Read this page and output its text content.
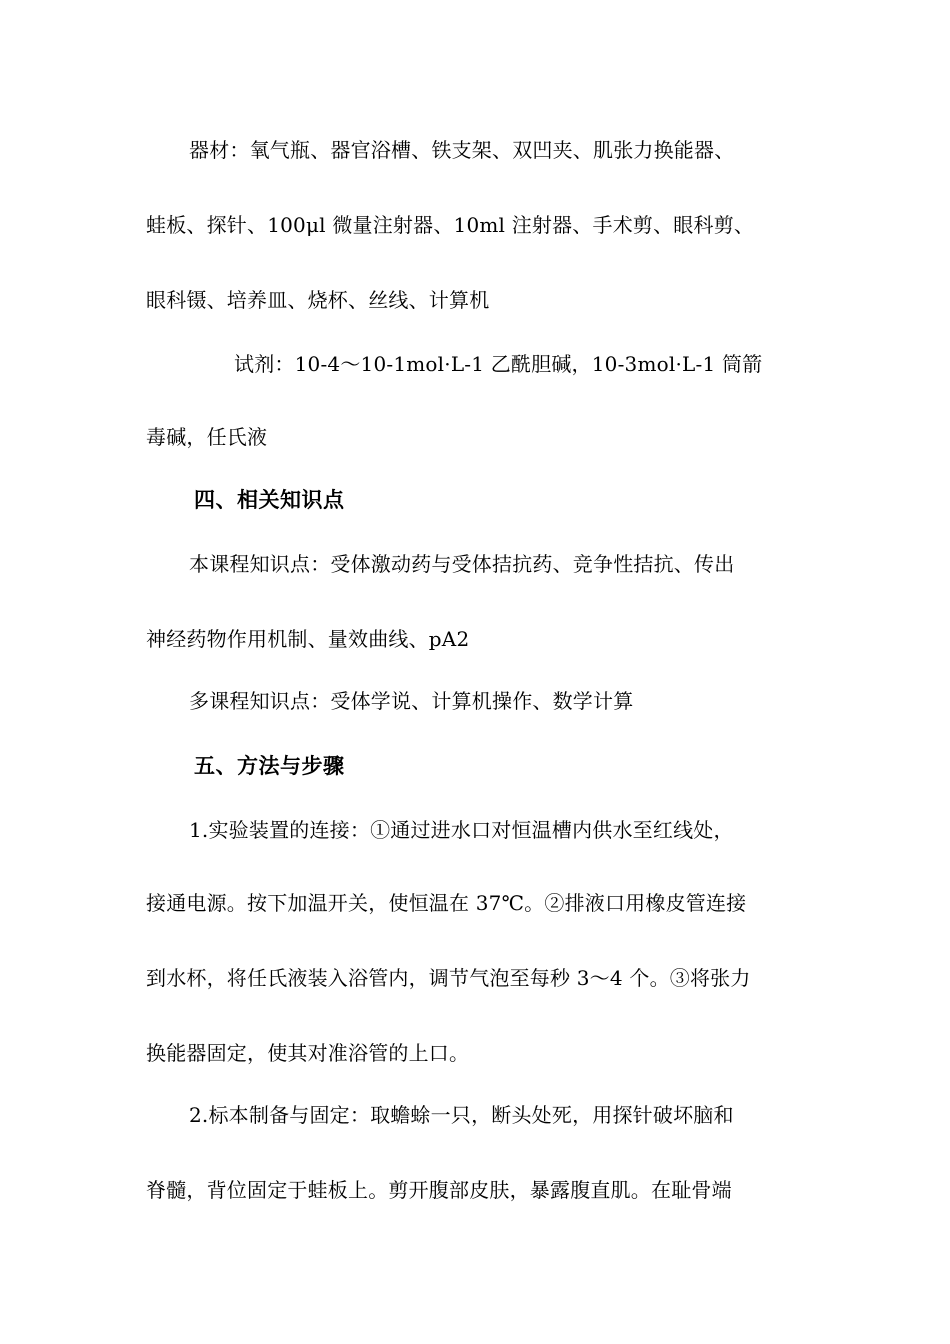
器材：氧气瓶、器官浴槽、铁支架、双凹夹、肌张力换能器、
蛙板、探针、100μl 微量注射器、10ml 注射器、手术剪、眼科剪、
眼科镊、培养皿、烧杯、丝线、计算机
试剂：10-4～10-1mol·L-1 乙酰胆碱，10-3mol·L-1 筒箭
毒碱，任氏液
四、相关知识点
本课程知识点：受体激动药与受体拮抗药、竞争性拮抗、传出
神经药物作用机制、量效曲线、pA2
多课程知识点：受体学说、计算机操作、数学计算
五、方法与步骤
1.实验装置的连接：①通过进水口对恒温槽内供水至红线处，
接通电源。按下加温开关，使恒温在 37℃。②排液口用橡皮管连接
到水杯，将任氏液装入浴管内，调节气泡至每秒 3～4 个。③将张力
换能器固定，使其对准浴管的上口。
2.标本制备与固定：取蟾蜍一只，断头处死，用探针破坏脑和
脊髓，背位固定于蛙板上。剪开腹部皮肤，暴露腹直肌。在耻骨端
